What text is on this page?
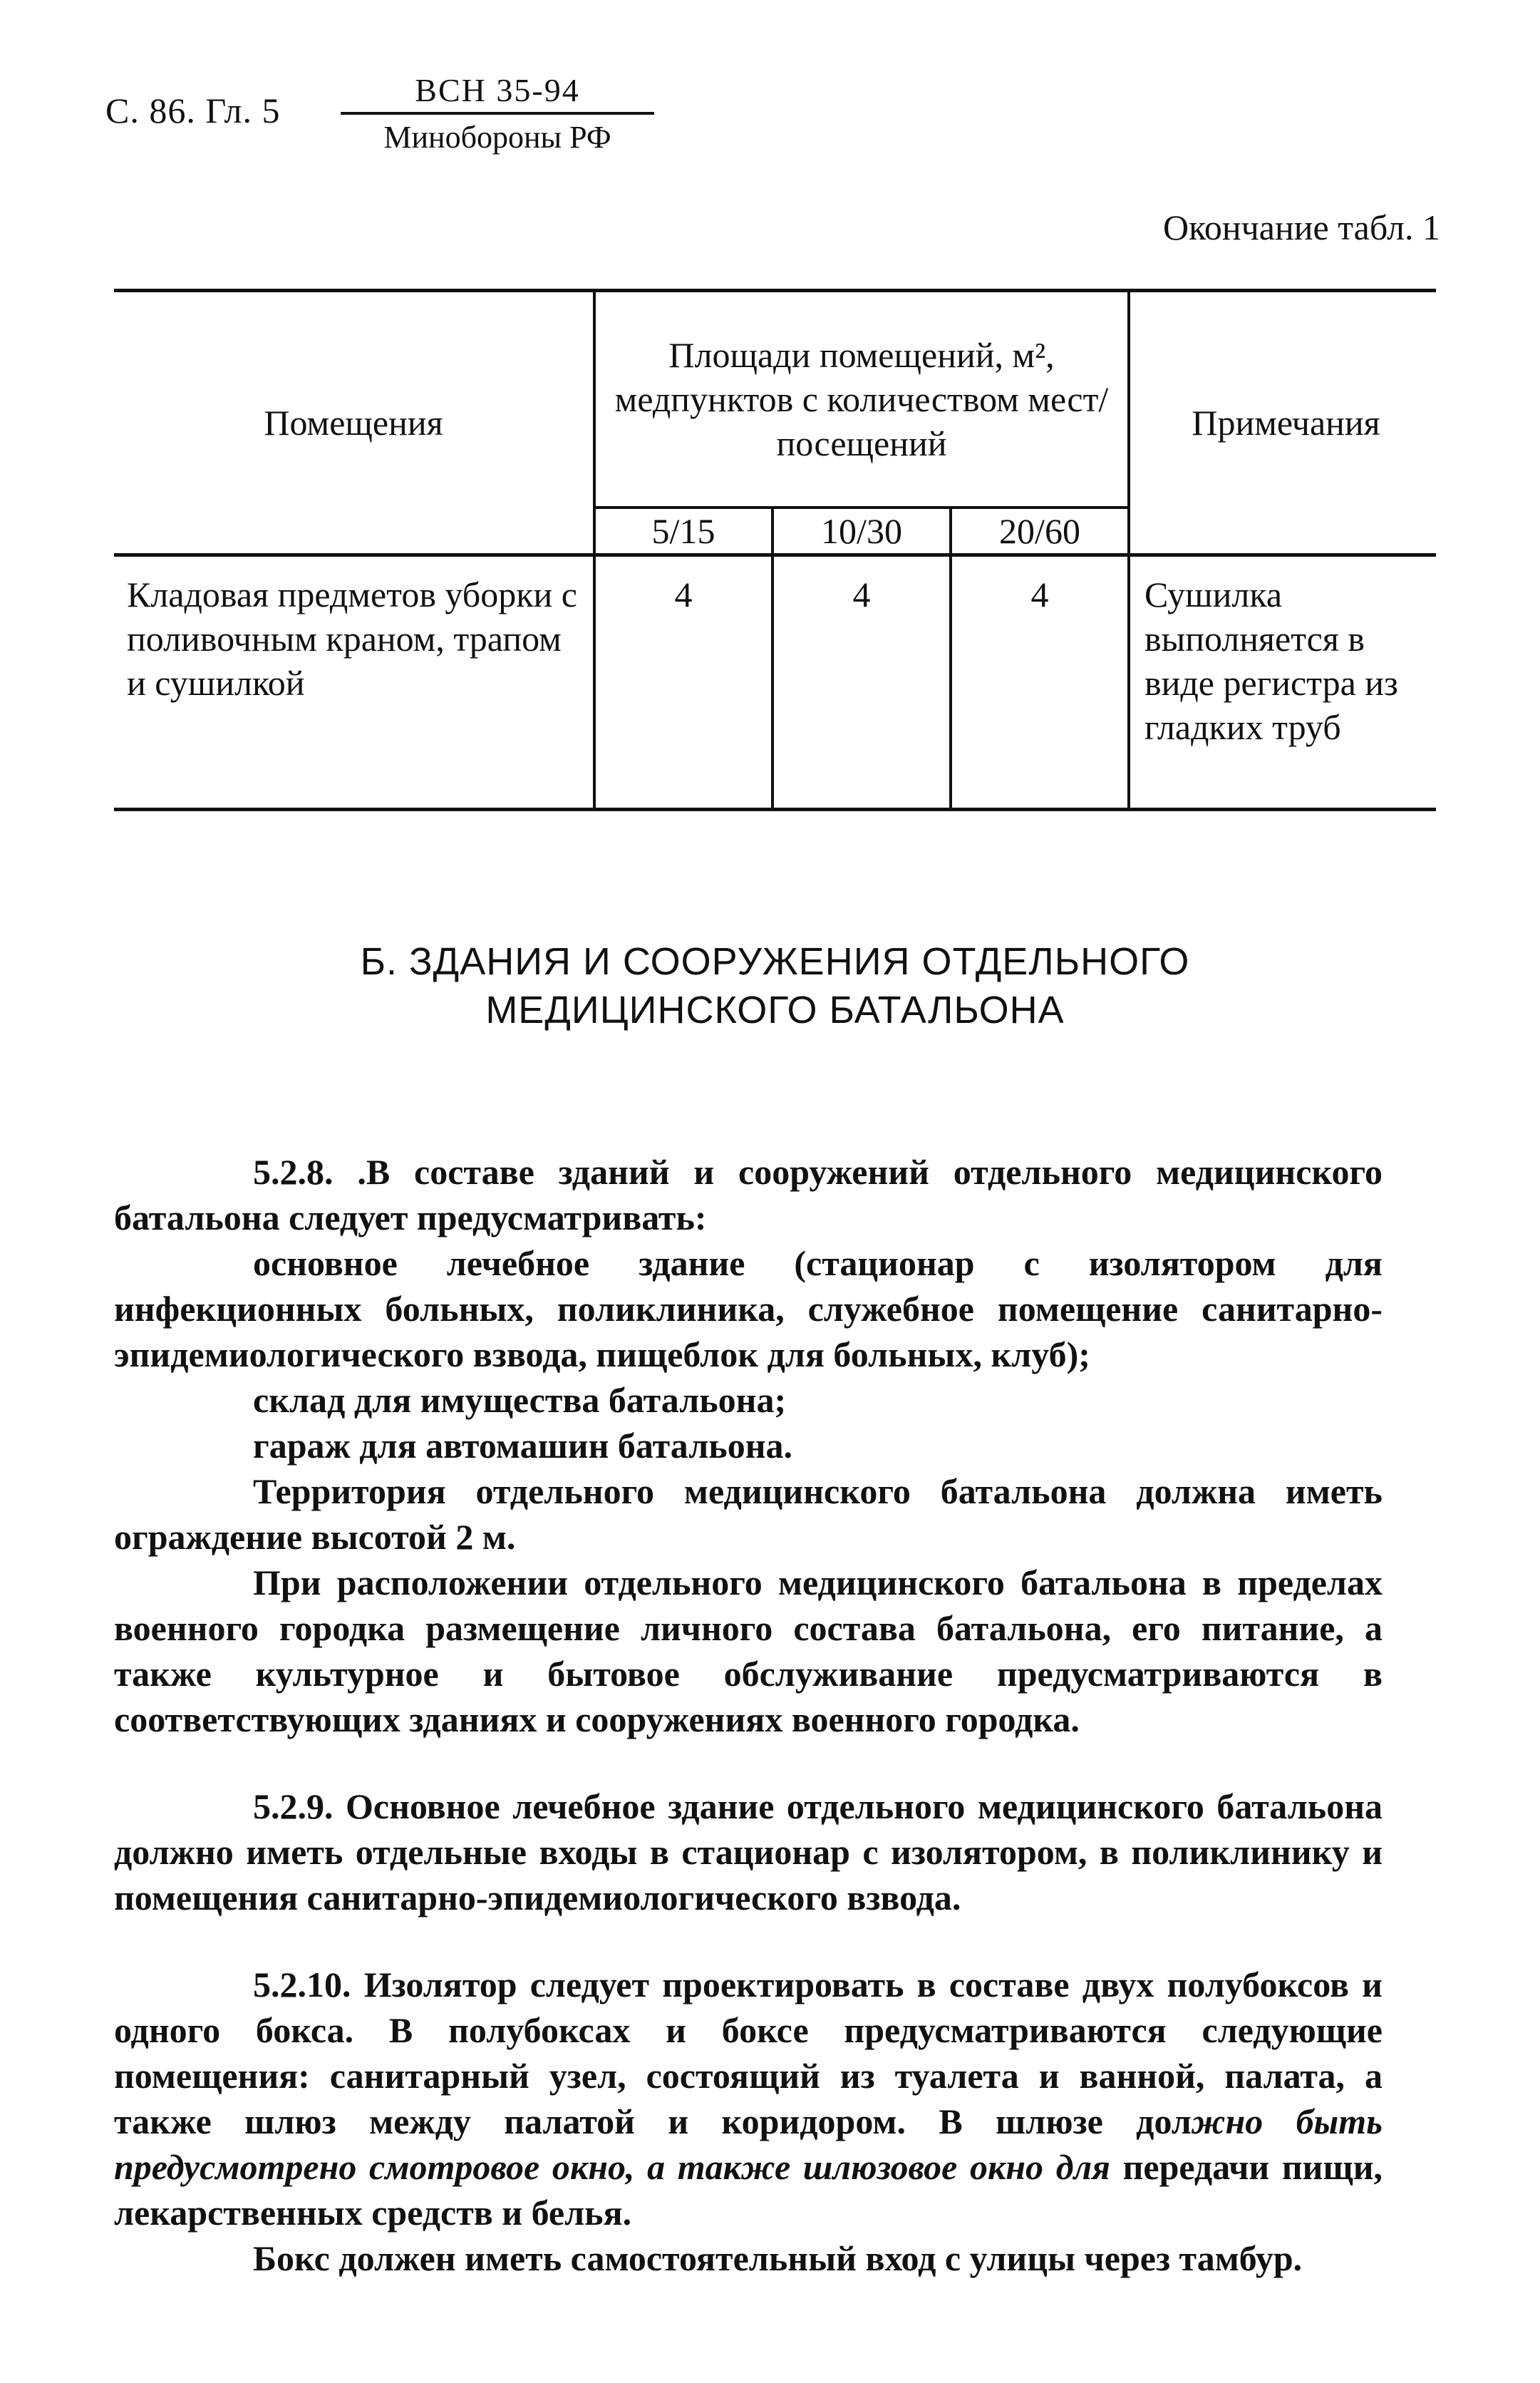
С. 86. Гл. 5
ВСН 35-94
Минобороны РФ
Окончание табл. 1
Помещения	Площади помещений, м², медпунктов с количеством мест/посещений			Примечания
	5/15	10/30	20/60	
Кладовая предметов уборки с поливочным краном, трапом и сушилкой	4	4	4	Сушилка выполняется в виде регистра из гладких труб
Б. ЗДАНИЯ И СООРУЖЕНИЯ ОТДЕЛЬНОГО
МЕДИЦИНСКОГО БАТАЛЬОНА

5.2.8. .В составе зданий и сооружений отдельного медицинского батальона следует предусматривать:

основное лечебное здание (стационар с изолятором для инфекционных больных, поликлиника, служебное помещение санитарно-эпидемиологического взвода, пищеблок для больных, клуб);

склад для имущества батальона;

гараж для автомашин батальона.

Территория отдельного медицинского батальона должна иметь ограждение высотой 2 м.

При расположении отдельного медицинского батальона в пределах военного городка размещение личного состава батальона, его питание, а также культурное и бытовое обслуживание предусматриваются в соответствующих зданиях и сооружениях военного городка.

5.2.9. Основное лечебное здание отдельного медицинского батальона должно иметь отдельные входы в стационар с изолятором, в поликлинику и помещения санитарно-эпидемиологического взвода.

5.2.10. Изолятор следует проектировать в составе двух полубоксов и одного бокса. В полубоксах и боксе предусматриваются следующие помещения: санитарный узел, состоящий из туалета и ванной, палата, а также шлюз между палатой и коридором. В шлюзе должно быть предусмотрено смотровое окно, а также шлюзовое окно для передачи пищи, лекарственных средств и белья.

Бокс должен иметь самостоятельный вход с улицы через тамбур.
